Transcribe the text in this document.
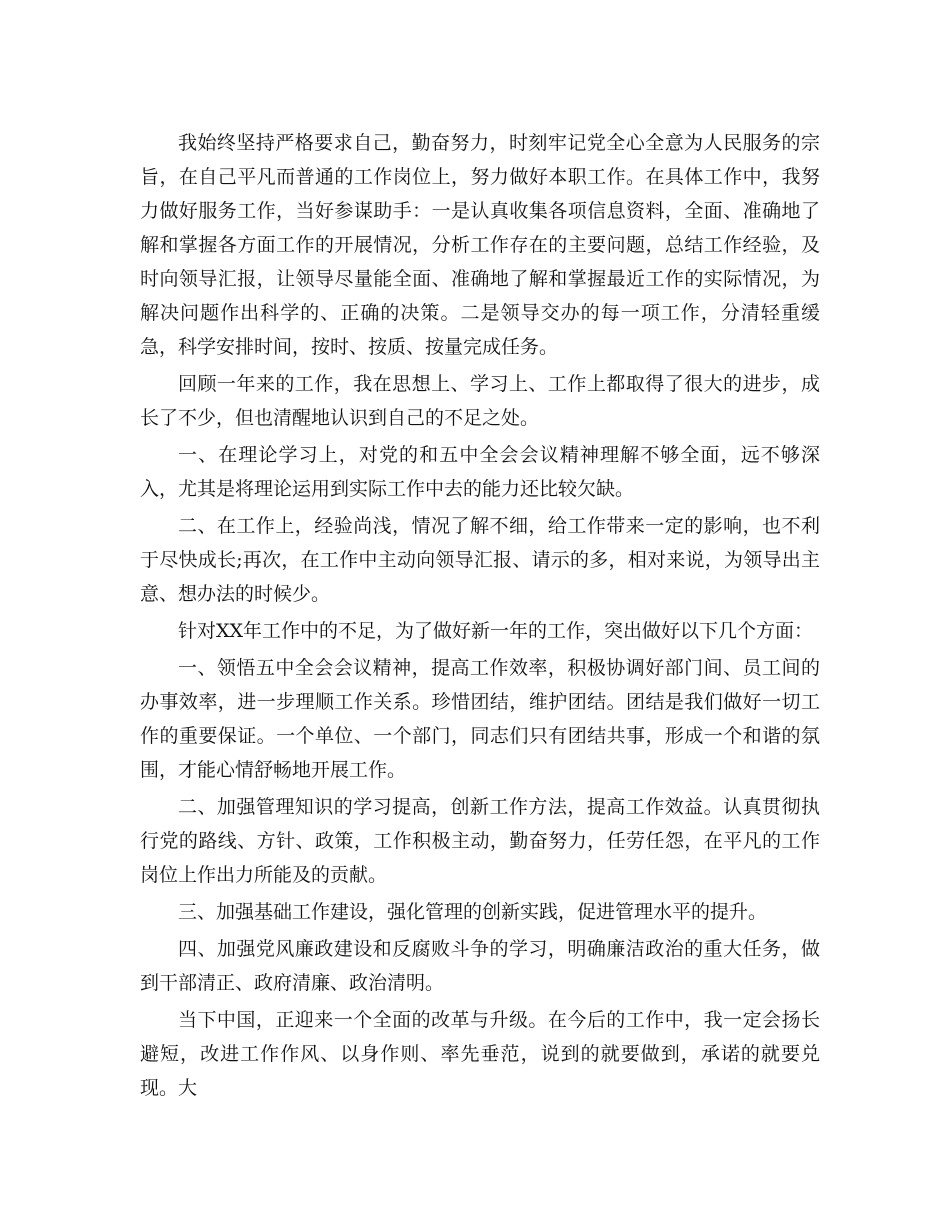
我始终坚持严格要求自己，勤奋努力，时刻牢记党全心全意为人民服务的宗旨，在自己平凡而普通的工作岗位上，努力做好本职工作。在具体工作中，我努力做好服务工作，当好参谋助手：一是认真收集各项信息资料，全面、准确地了解和掌握各方面工作的开展情况，分析工作存在的主要问题，总结工作经验，及时向领导汇报，让领导尽量能全面、准确地了解和掌握最近工作的实际情况，为解决问题作出科学的、正确的决策。二是领导交办的每一项工作，分清轻重缓急，科学安排时间，按时、按质、按量完成任务。

回顾一年来的工作，我在思想上、学习上、工作上都取得了很大的进步，成长了不少，但也清醒地认识到自己的不足之处。

一、在理论学习上，对党的和五中全会会议精神理解不够全面，远不够深入，尤其是将理论运用到实际工作中去的能力还比较欠缺。

二、在工作上，经验尚浅，情况了解不细，给工作带来一定的影响，也不利于尽快成长;再次，在工作中主动向领导汇报、请示的多，相对来说，为领导出主意、想办法的时候少。

针对XX年工作中的不足，为了做好新一年的工作，突出做好以下几个方面：

一、领悟五中全会会议精神，提高工作效率，积极协调好部门间、员工间的办事效率，进一步理顺工作关系。珍惜团结，维护团结。团结是我们做好一切工作的重要保证。一个单位、一个部门，同志们只有团结共事，形成一个和谐的氛围，才能心情舒畅地开展工作。

二、加强管理知识的学习提高，创新工作方法，提高工作效益。认真贯彻执行党的路线、方针、政策，工作积极主动，勤奋努力，任劳任怨，在平凡的工作岗位上作出力所能及的贡献。

三、加强基础工作建设，强化管理的创新实践，促进管理水平的提升。

四、加强党风廉政建设和反腐败斗争的学习，明确廉洁政治的重大任务，做到干部清正、政府清廉、政治清明。

当下中国，正迎来一个全面的改革与升级。在今后的工作中，我一定会扬长避短，改进工作作风、以身作则、率先垂范，说到的就要做到，承诺的就要兑现。大
